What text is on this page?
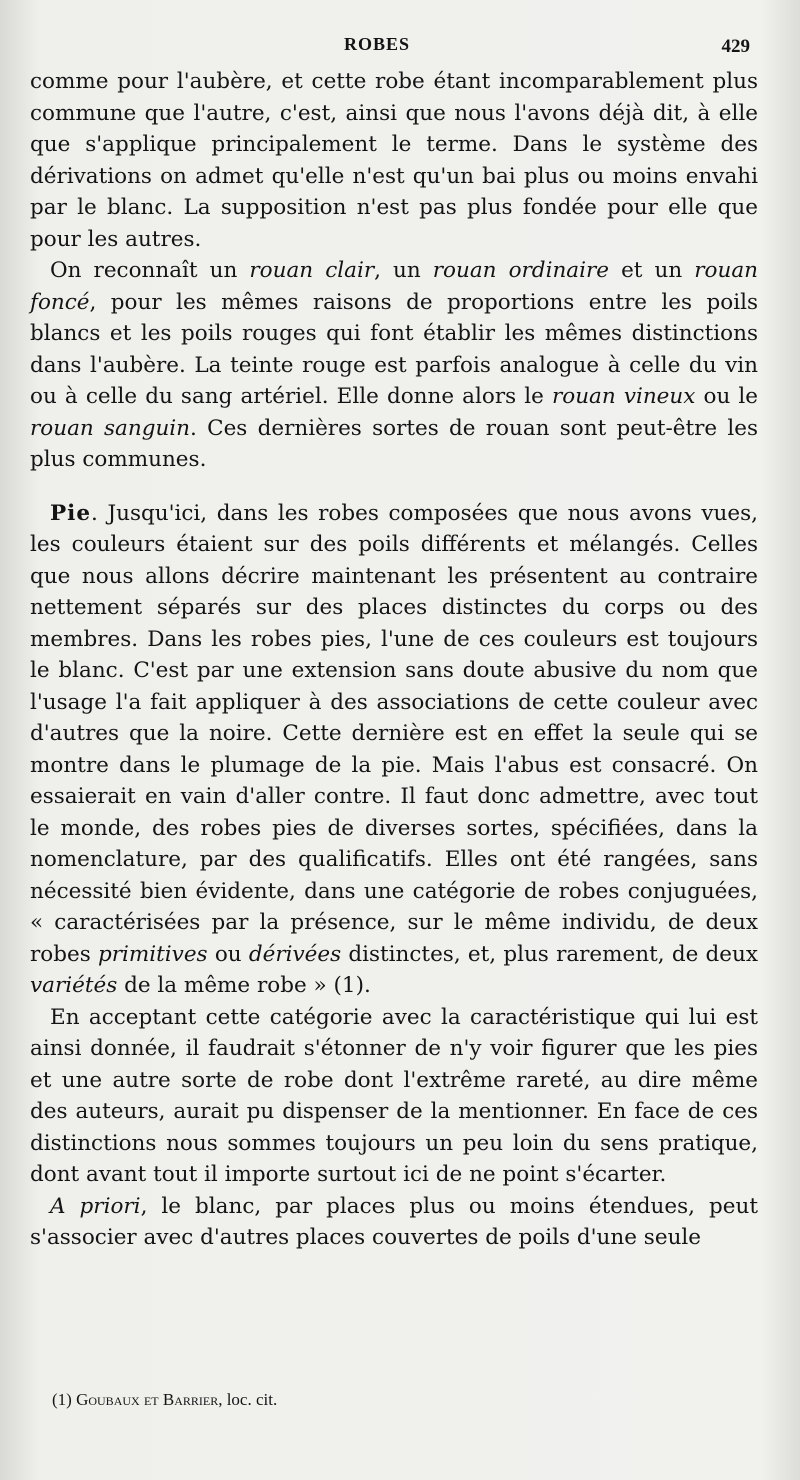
ROBES	429

comme pour l'aubère, et cette robe étant incomparablement plus commune que l'autre, c'est, ainsi que nous l'avons déjà dit, à elle que s'applique principalement le terme. Dans le système des dérivations on admet qu'elle n'est qu'un bai plus ou moins envahi par le blanc. La supposition n'est pas plus fondée pour elle que pour les autres.

On reconnaît un rouan clair, un rouan ordinaire et un rouan foncé, pour les mêmes raisons de proportions entre les poils blancs et les poils rouges qui font établir les mêmes distinctions dans l'aubère. La teinte rouge est parfois analogue à celle du vin ou à celle du sang artériel. Elle donne alors le rouan vineux ou le rouan sanguin. Ces dernières sortes de rouan sont peut-être les plus communes.

Pie. Jusqu'ici, dans les robes composées que nous avons vues, les couleurs étaient sur des poils différents et mélangés. Celles que nous allons décrire maintenant les présentent au contraire nettement séparés sur des places distinctes du corps ou des membres. Dans les robes pies, l'une de ces couleurs est toujours le blanc. C'est par une extension sans doute abusive du nom que l'usage l'a fait appliquer à des associations de cette couleur avec d'autres que la noire. Cette dernière est en effet la seule qui se montre dans le plumage de la pie. Mais l'abus est consacré. On essaierait en vain d'aller contre. Il faut donc admettre, avec tout le monde, des robes pies de diverses sortes, spécifiées, dans la nomenclature, par des qualificatifs. Elles ont été rangées, sans nécessité bien évidente, dans une catégorie de robes conjuguées, « caractérisées par la présence, sur le même individu, de deux robes primitives ou dérivées distinctes, et, plus rarement, de deux variétés de la même robe » (1).

En acceptant cette catégorie avec la caractéristique qui lui est ainsi donnée, il faudrait s'étonner de n'y voir figurer que les pies et une autre sorte de robe dont l'extrême rareté, au dire même des auteurs, aurait pu dispenser de la mentionner. En face de ces distinctions nous sommes toujours un peu loin du sens pratique, dont avant tout il importe surtout ici de ne point s'écarter.

A priori, le blanc, par places plus ou moins étendues, peut s'associer avec d'autres places couvertes de poils d'une seule

(1) Goubaux et Barrier, loc. cit.
